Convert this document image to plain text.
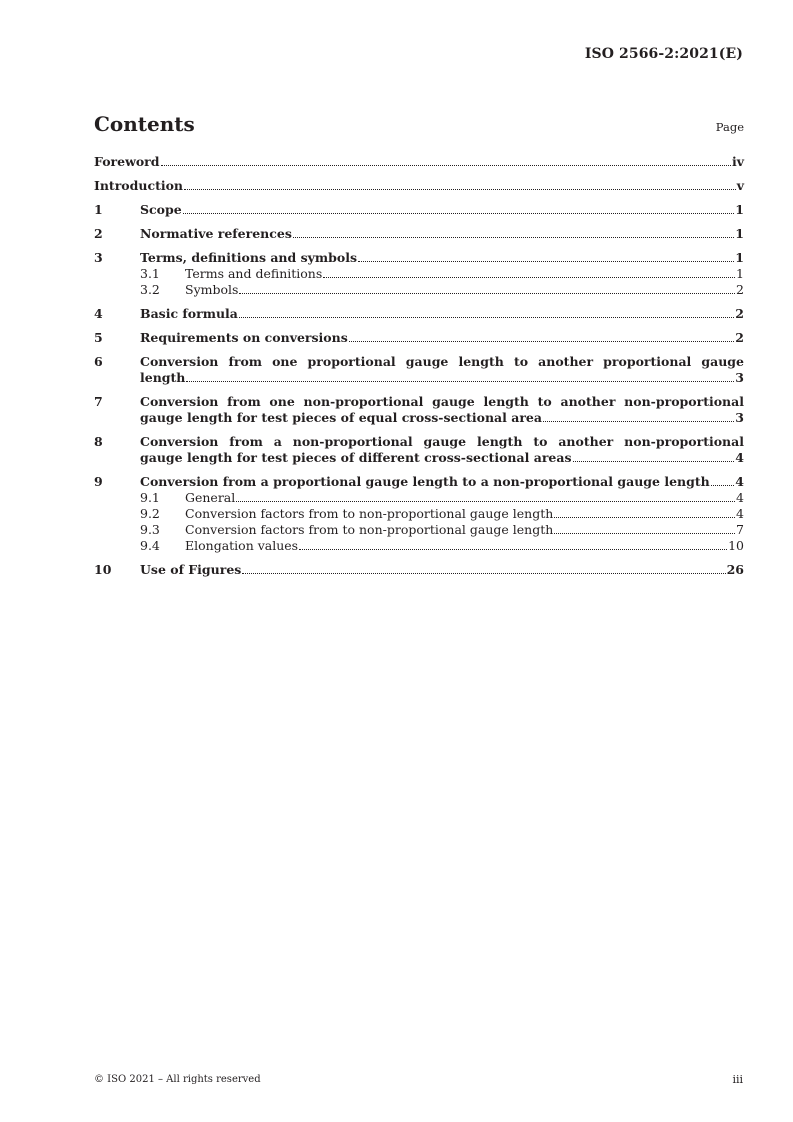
ISO 2566-2:2021(E)
Contents	Page
Foreword	iv
Introduction	v
1	Scope	1
2	Normative references	1
3	Terms, definitions and symbols	1
3.1 Terms and definitions	1
3.2 Symbols	2
4	Basic formula	2
5	Requirements on conversions	2
6	Conversion from one proportional gauge length to another proportional gauge
length	3
7	Conversion from one non-proportional gauge length to another non-proportional
gauge length for test pieces of equal cross-sectional area	3
8	Conversion from a non-proportional gauge length to another non-proportional
gauge length for test pieces of different cross-sectional areas	4
9	Conversion from a proportional gauge length to a non-proportional gauge length 4
9.1 General	4
9.2 Conversion factors from to non-proportional gauge length	4
9.3 Conversion factors from to non-proportional gauge length	7
9.4 Elongation values	10
10 Use of Figures	26
© ISO 2021 – All rights reserved	iii
